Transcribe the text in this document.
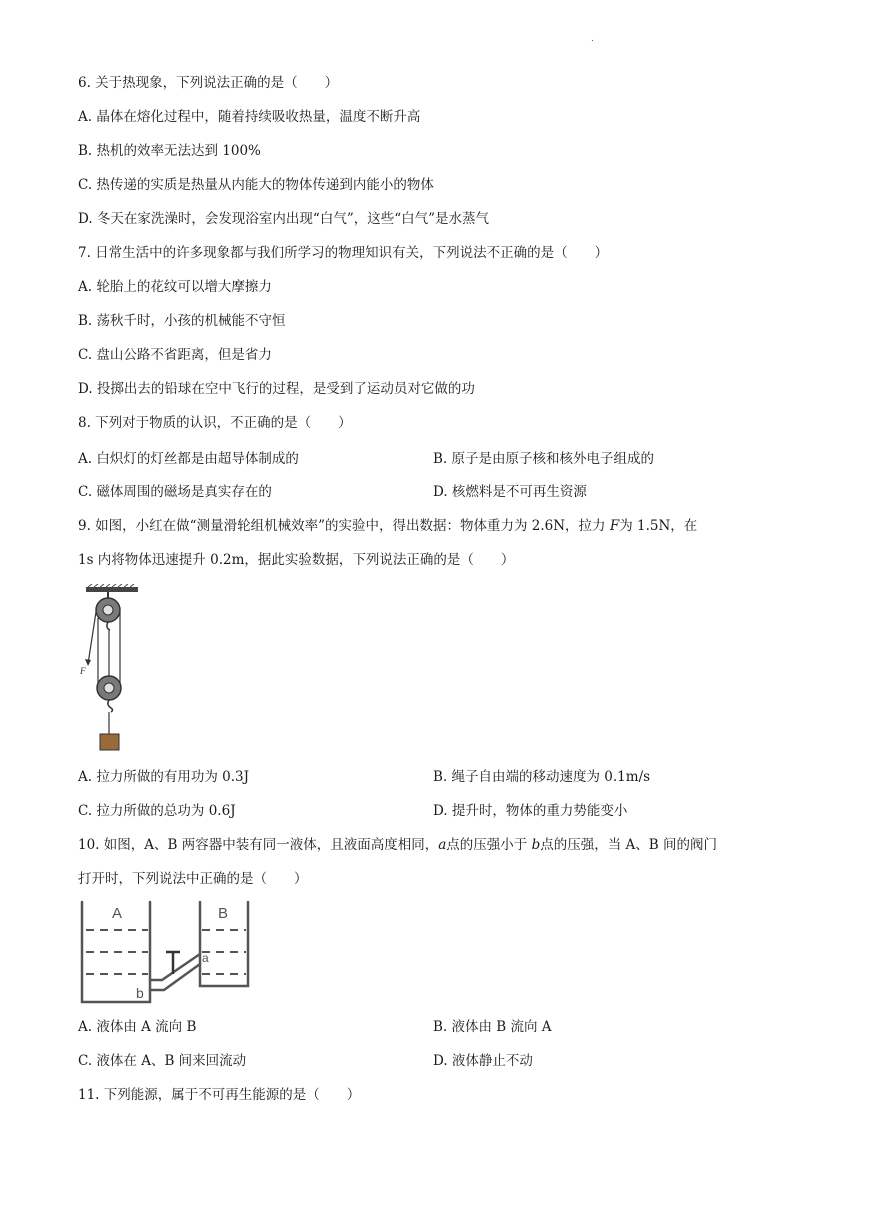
.
6. 关于热现象，下列说法正确的是（　　）
A. 晶体在熔化过程中，随着持续吸收热量，温度不断升高
B. 热机的效率无法达到 100%
C. 热传递的实质是热量从内能大的物体传递到内能小的物体
D. 冬天在家洗澡时，会发现浴室内出现“白气”，这些“白气”是水蒸气
7. 日常生活中的许多现象都与我们所学习的物理知识有关，下列说法不正确的是（　　）
A. 轮胎上的花纹可以增大摩擦力
B. 荡秋千时，小孩的机械能不守恒
C. 盘山公路不省距离，但是省力
D. 投掷出去的铅球在空中飞行的过程，是受到了运动员对它做的功
8. 下列对于物质的认识，不正确的是（　　）
A. 白炽灯的灯丝都是由超导体制成的	B. 原子是由原子核和核外电子组成的
C. 磁体周围的磁场是真实存在的	D. 核燃料是不可再生资源
9. 如图，小红在做“测量滑轮组机械效率”的实验中，得出数据：物体重力为 2.6N，拉力 F为 1.5N，在
1s 内将物体迅速提升 0.2m，据此实验数据，下列说法正确的是（　　）
F
A. 拉力所做的有用功为 0.3J	B. 绳子自由端的移动速度为 0.1m/s
C. 拉力所做的总功为 0.6J	D. 提升时，物体的重力势能变小
10. 如图，A、B 两容器中装有同一液体，且液面高度相同，a点的压强小于 b点的压强，当 A、B 间的阀门
打开时，下列说法中正确的是（　　）
A	B
a
b
A. 液体由 A 流向 B	B. 液体由 B 流向 A
C. 液体在 A、B 间来回流动	D. 液体静止不动
11. 下列能源，属于不可再生能源的是（　　）
